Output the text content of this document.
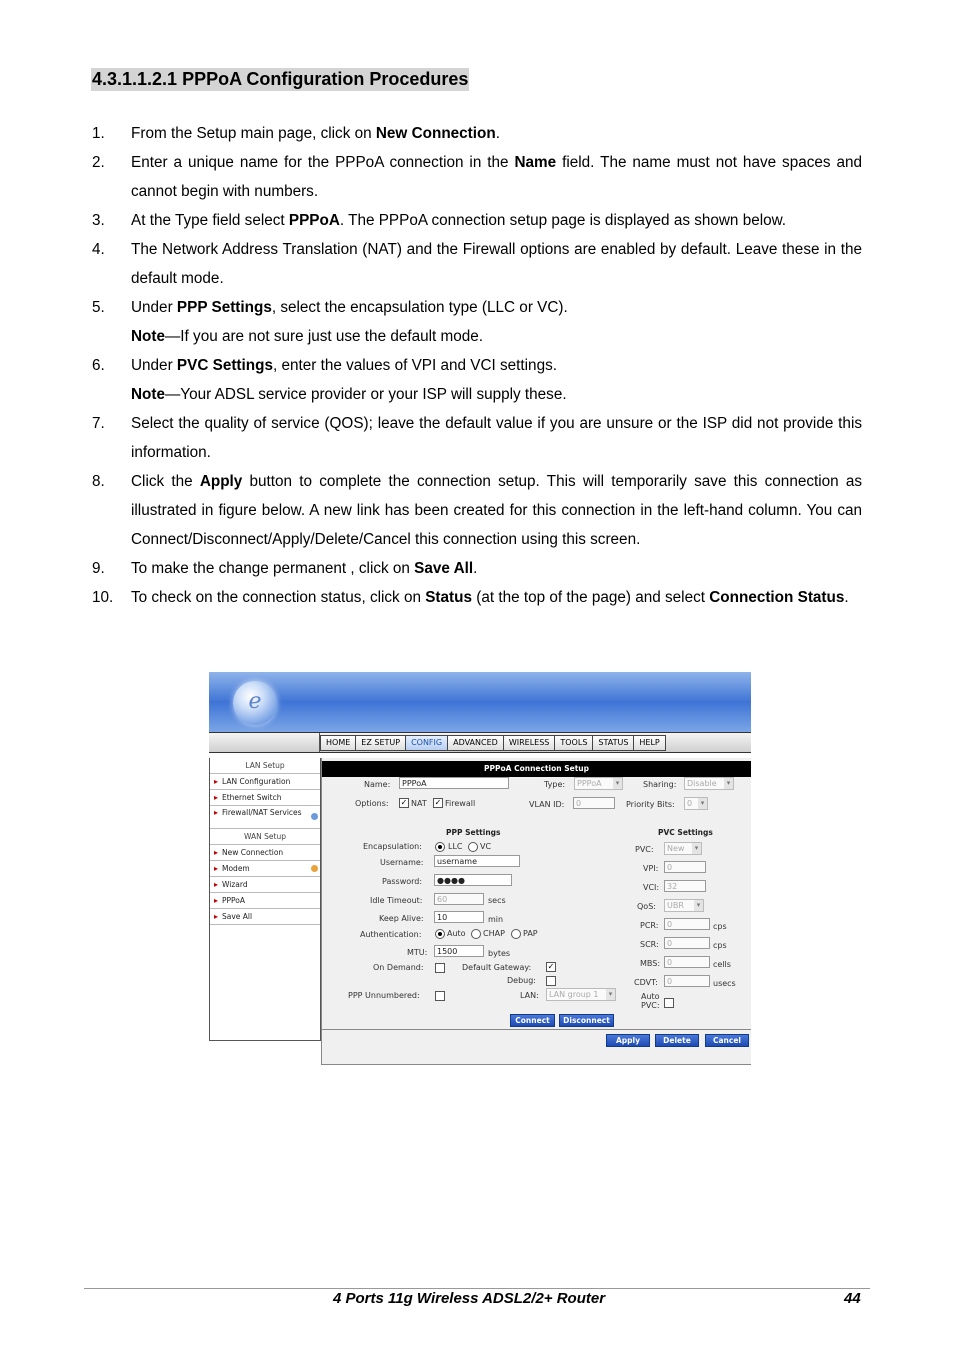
4.3.1.1.2.1 PPPoA Configuration Procedures
1. From the Setup main page, click on New Connection.
2. Enter a unique name for the PPPoA connection in the Name field. The name must not have spaces and cannot begin with numbers.
3. At the Type field select PPPoA. The PPPoA connection setup page is displayed as shown below.
4. The Network Address Translation (NAT) and the Firewall options are enabled by default. Leave these in the default mode.
5. Under PPP Settings, select the encapsulation type (LLC or VC).
Note—If you are not sure just use the default mode.
6. Under PVC Settings, enter the values of VPI and VCI settings.
Note—Your ADSL service provider or your ISP will supply these.
7. Select the quality of service (QOS); leave the default value if you are unsure or the ISP did not provide this information.
8. Click the Apply button to complete the connection setup. This will temporarily save this connection as illustrated in figure below. A new link has been created for this connection in the left-hand column. You can Connect/Disconnect/Apply/Delete/Cancel this connection using this screen.
9. To make the change permanent , click on Save All.
10. To check on the connection status, click on Status (at the top of the page) and select Connection Status.
e
HOME	EZ SETUP	CONFIG	ADVANCED	WIRELESS	TOOLS	STATUS	HELP
LAN Setup
▸ LAN Configuration
▸ Ethernet Switch
▸ Firewall/NAT Services
WAN Setup
▸ New Connection
▸ Modem
▸ Wizard
▸ PPPoA
▸ Save All
PPPoA Connection Setup
Name:	PPPoA	Type:	PPPoA ▾	Sharing:	Disable ▾
Options: ✓ NAT ✓ Firewall	VLAN ID:	0	Priority Bits:	0 ▾
PPP Settings
Encapsulation:	LLC VC
Username:	username
Password:	●●●●
Idle Timeout:	60	secs
Keep Alive:	10	min
Authentication:	Auto CHAP PAP
MTU:	1500	bytes
On Demand:	Default Gateway: ✓
Debug:
PPP Unnumbered:	LAN:	LAN group 1 ▾
PVC Settings
PVC:	New ▾
VPI:	0
VCI: 32
QoS:	UBR ▾
PCR:	0	cps
SCR:	0	cps
MBS: 0	cells
CDVT:	0	usecs
Auto
PVC:
Connect	Disconnect
Apply	Delete	Cancel
4 Ports 11g Wireless ADSL2/2+ Router	44
